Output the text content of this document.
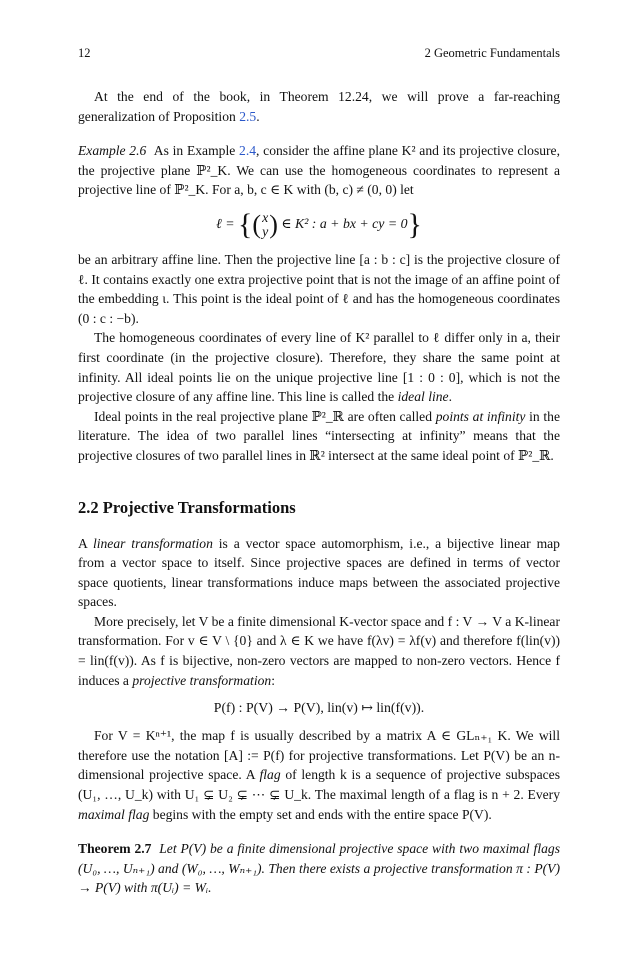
12	2 Geometric Fundamentals

At the end of the book, in Theorem 12.24, we will prove a far-reaching generalization of Proposition 2.5.

Example 2.6 As in Example 2.4, consider the affine plane K² and its projective closure, the projective plane ℙ²_K. We can use the homogeneous coordinates to represent a projective line of ℙ²_K. For a, b, c ∈ K with (b, c) ≠ (0, 0) let

ℓ = {( x
y ) ∈ K² : a + bx + cy = 0}

be an arbitrary affine line. Then the projective line [a : b : c] is the projective closure of ℓ. It contains exactly one extra projective point that is not the image of an affine point of the embedding ι. This point is the ideal point of ℓ and has the homogeneous coordinates (0 : c : −b).

The homogeneous coordinates of every line of K² parallel to ℓ differ only in a, their first coordinate (in the projective closure). Therefore, they share the same point at infinity. All ideal points lie on the unique projective line [1 : 0 : 0], which is not the projective closure of any affine line. This line is called the ideal line.

Ideal points in the real projective plane ℙ²_ℝ are often called points at infinity in the literature. The idea of two parallel lines “intersecting at infinity” means that the projective closures of two parallel lines in ℝ² intersect at the same ideal point of ℙ²_ℝ.

2.2 Projective Transformations

A linear transformation is a vector space automorphism, i.e., a bijective linear map from a vector space to itself. Since projective spaces are defined in terms of vector space quotients, linear transformations induce maps between the associated projective spaces.

More precisely, let V be a finite dimensional K-vector space and f : V → V a K-linear transformation. For v ∈ V \ {0} and λ ∈ K we have f(λv) = λf(v) and therefore f(lin(v)) = lin(f(v)). As f is bijective, non-zero vectors are mapped to non-zero vectors. Hence f induces a projective transformation:

P(f) : P(V) → P(V), lin(v) ↦ lin(f(v)).

For V = Kⁿ⁺¹, the map f is usually described by a matrix A ∈ GLₙ₊₁ K. We will therefore use the notation [A] := P(f) for projective transformations. Let P(V) be an n-dimensional projective space. A flag of length k is a sequence of projective subspaces (U₁, …, U_k) with U₁ ⊊ U₂ ⊊ ⋯ ⊊ U_k. The maximal length of a flag is n + 2. Every maximal flag begins with the empty set and ends with the entire space P(V).

Theorem 2.7 Let P(V) be a finite dimensional projective space with two maximal flags (U₀, …, Uₙ₊₁) and (W₀, …, Wₙ₊₁). Then there exists a projective transformation π : P(V) → P(V) with π(Uᵢ) = Wᵢ.
